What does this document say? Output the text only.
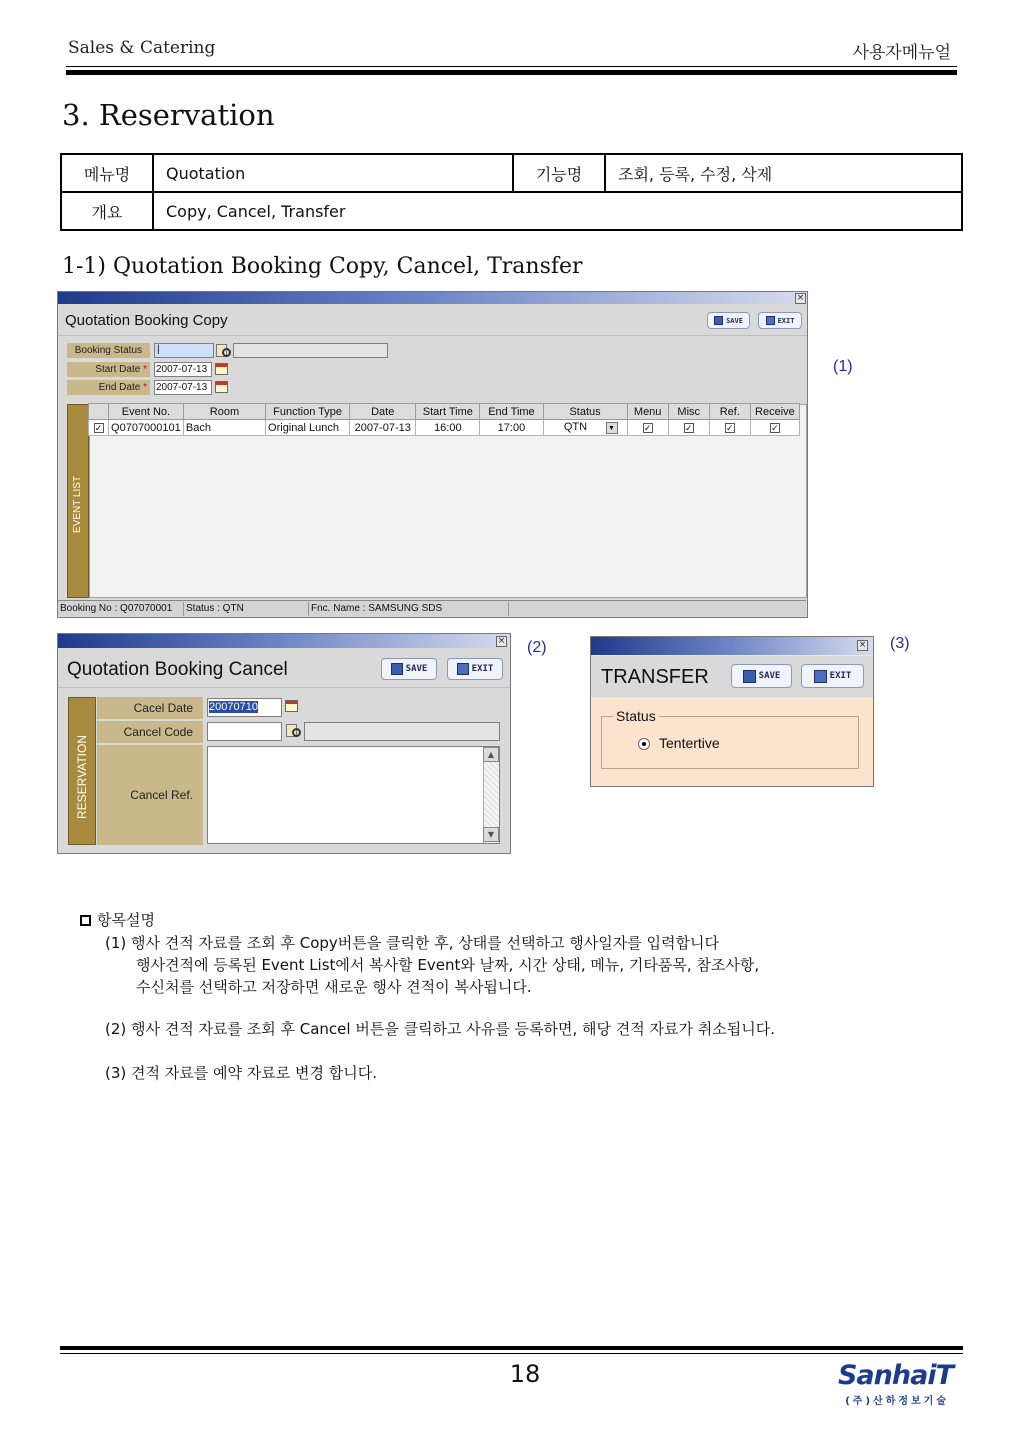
Sales & Catering	사용자메뉴얼
3. Reservation
메뉴명	Quotation	기능명	조회, 등록, 수정, 삭제
개요	Copy, Cancel, Transfer		
1-1) Quotation Booking Copy, Cancel, Transfer
×
Quotation Booking Copy	SAVE	EXIT
Booking Status	|
Start Date * 2007-07-13
End Date * 2007-07-13
EVENT LIST
	Event No.	Room	Function Type	Date	Start Time	End Time	Status	Menu	Misc	Ref.	Receive
✓	Q0707000101	Bach	Original Lunch	2007-07-13	16:00	17:00	QTN ▼	✓	✓	✓	✓
Booking No : Q07070001	Status : QTN	Fnc. Name : SAMSUNG SDS
(1)
×
Quotation Booking Cancel	SAVE	EXIT
RESERVATION
Cacel Date	20070710
Cancel Code
Cancel Ref.
▲
▼
(2)	×
TRANSFER	SAVE	EXIT
Status
Tentertive
(3)
항목설명
(1) 행사 견적 자료를 조회 후 Copy버튼을 클릭한 후, 상태를 선택하고 행사일자를 입력합니다
행사견적에 등록된 Event List에서 복사할 Event와 날짜, 시간 상태, 메뉴, 기타품목, 참조사항,
수신처를 선택하고 저장하면 새로운 행사 견적이 복사됩니다.
(2) 행사 견적 자료를 조회 후 Cancel 버튼을 클릭하고 사유를 등록하면, 해당 견적 자료가 취소됩니다.
(3) 견적 자료를 예약 자료로 변경 합니다.
18	SanhaiT
(주)산하정보기술
